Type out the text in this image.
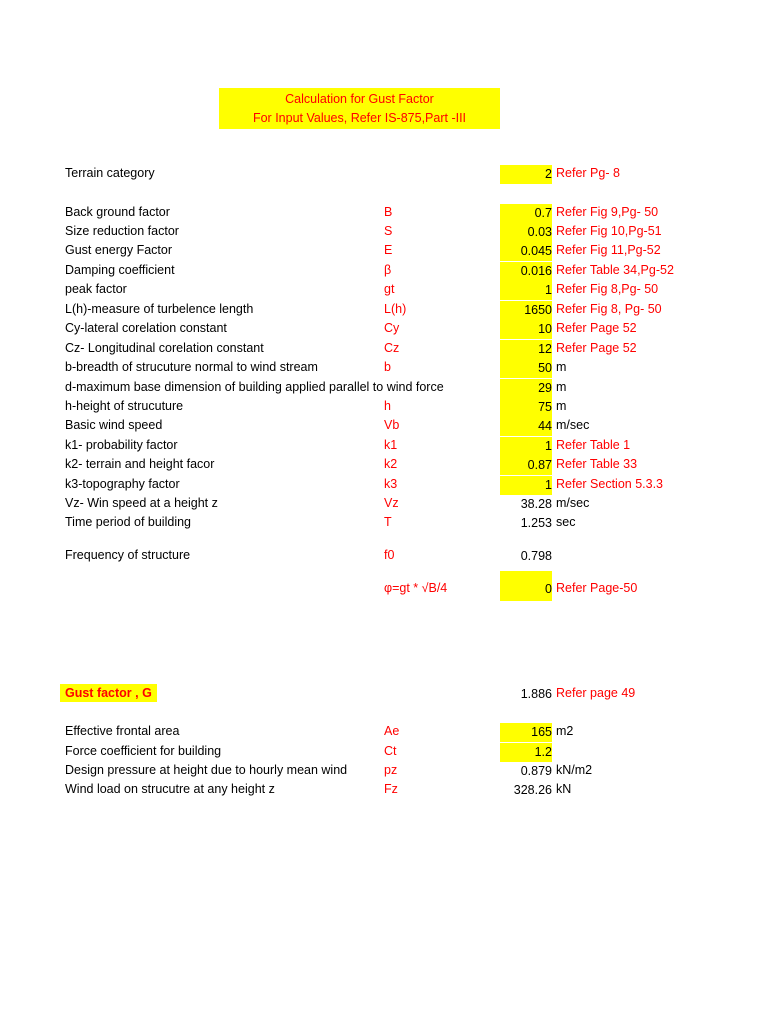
Calculation for Gust Factor
For Input Values, Refer IS-875,Part -III
Terrain category	2 Refer Pg- 8
Back ground factor	B	0.7 Refer Fig 9,Pg- 50
Size reduction factor	S	0.03 Refer Fig 10,Pg-51
Gust energy Factor	E	0.045 Refer Fig 11,Pg-52
Damping coefficient	β	0.016 Refer Table 34,Pg-52
peak factor	gt	1 Refer Fig 8,Pg- 50
L(h)-measure of turbelence length	L(h)	1650 Refer Fig 8, Pg- 50
Cy-lateral corelation constant	Cy	10 Refer Page 52
Cz- Longitudinal corelation constant	Cz	12 Refer Page 52
b-breadth of strucuture normal to wind stream	b	50 m
d-maximum base dimension of building applied parallel to wind force	29 m
h-height of strucuture	h	75 m
Basic wind speed	Vb	44 m/sec
k1- probability factor	k1	1 Refer Table 1
k2- terrain and height facor	k2	0.87 Refer Table 33
k3-topography factor	k3	1 Refer Section 5.3.3
Vz- Win speed at a height z	Vz	38.28 m/sec
Time period of building	T	1.253 sec
Frequency of structure	f0	0.798
φ=gt * √B/4	0 Refer Page-50
Gust factor , G	1.886 Refer page 49
Effective frontal area	Ae	165 m2
Force coefficient for building	Ct	1.2
Design pressure at height due to hourly mean wind	pz	0.879 kN/m2
Wind load on strucutre at any height z	Fz	328.26 kN
